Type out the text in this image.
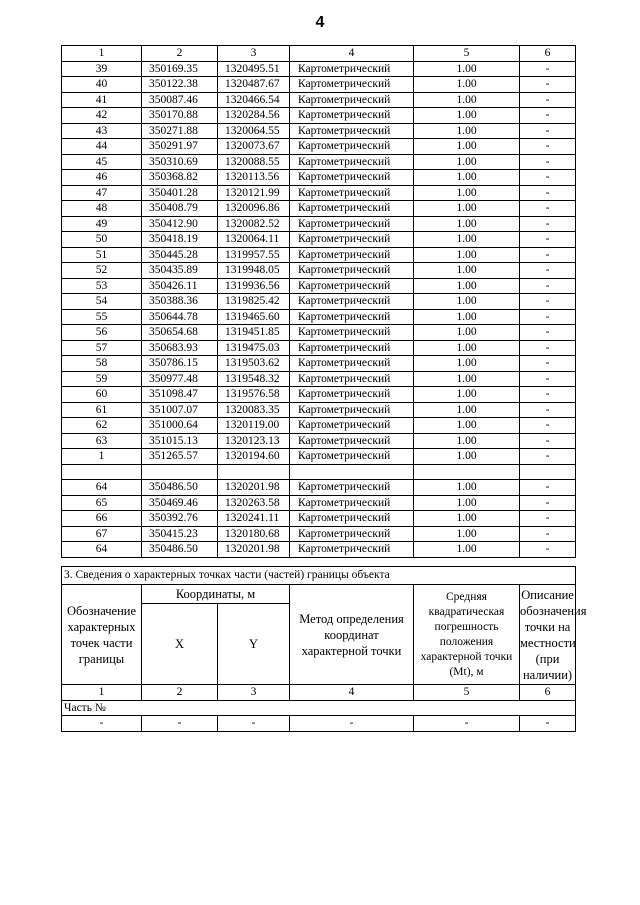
4
1	2	3	4	5	6
39	350169.35	1320495.51	Картометрический	1.00	-
40	350122.38	1320487.67	Картометрический	1.00	-
41	350087.46	1320466.54	Картометрический	1.00	-
42	350170.88	1320284.56	Картометрический	1.00	-
43	350271.88	1320064.55	Картометрический	1.00	-
44	350291.97	1320073.67	Картометрический	1.00	-
45	350310.69	1320088.55	Картометрический	1.00	-
46	350368.82	1320113.56	Картометрический	1.00	-
47	350401.28	1320121.99	Картометрический	1.00	-
48	350408.79	1320096.86	Картометрический	1.00	-
49	350412.90	1320082.52	Картометрический	1.00	-
50	350418.19	1320064.11	Картометрический	1.00	-
51	350445.28	1319957.55	Картометрический	1.00	-
52	350435.89	1319948.05	Картометрический	1.00	-
53	350426.11	1319936.56	Картометрический	1.00	-
54	350388.36	1319825.42	Картометрический	1.00	-
55	350644.78	1319465.60	Картометрический	1.00	-
56	350654.68	1319451.85	Картометрический	1.00	-
57	350683.93	1319475.03	Картометрический	1.00	-
58	350786.15	1319503.62	Картометрический	1.00	-
59	350977.48	1319548.32	Картометрический	1.00	-
60	351098.47	1319576.58	Картометрический	1.00	-
61	351007.07	1320083.35	Картометрический	1.00	-
62	351000.64	1320119.00	Картометрический	1.00	-
63	351015.13	1320123.13	Картометрический	1.00	-
1	351265.57	1320194.60	Картометрический	1.00	-

64	350486.50	1320201.98	Картометрический	1.00	-
65	350469.46	1320263.58	Картометрический	1.00	-
66	350392.76	1320241.11	Картометрический	1.00	-
67	350415.23	1320180.68	Картометрический	1.00	-
64	350486.50	1320201.98	Картометрический	1.00	-
3. Сведения о характерных точках части (частей) границы объекта					
Обозначение характерных точек части границы	Координаты, м		Метод определения координат характерной точки	Средняя квадратическая погрешность положения характерной точки (Mt), м	Описание обозначения точки на местности (при наличии)
	X	Y			
1	2	3	4	5	6
Часть №					
-	-	-	-	-	-
